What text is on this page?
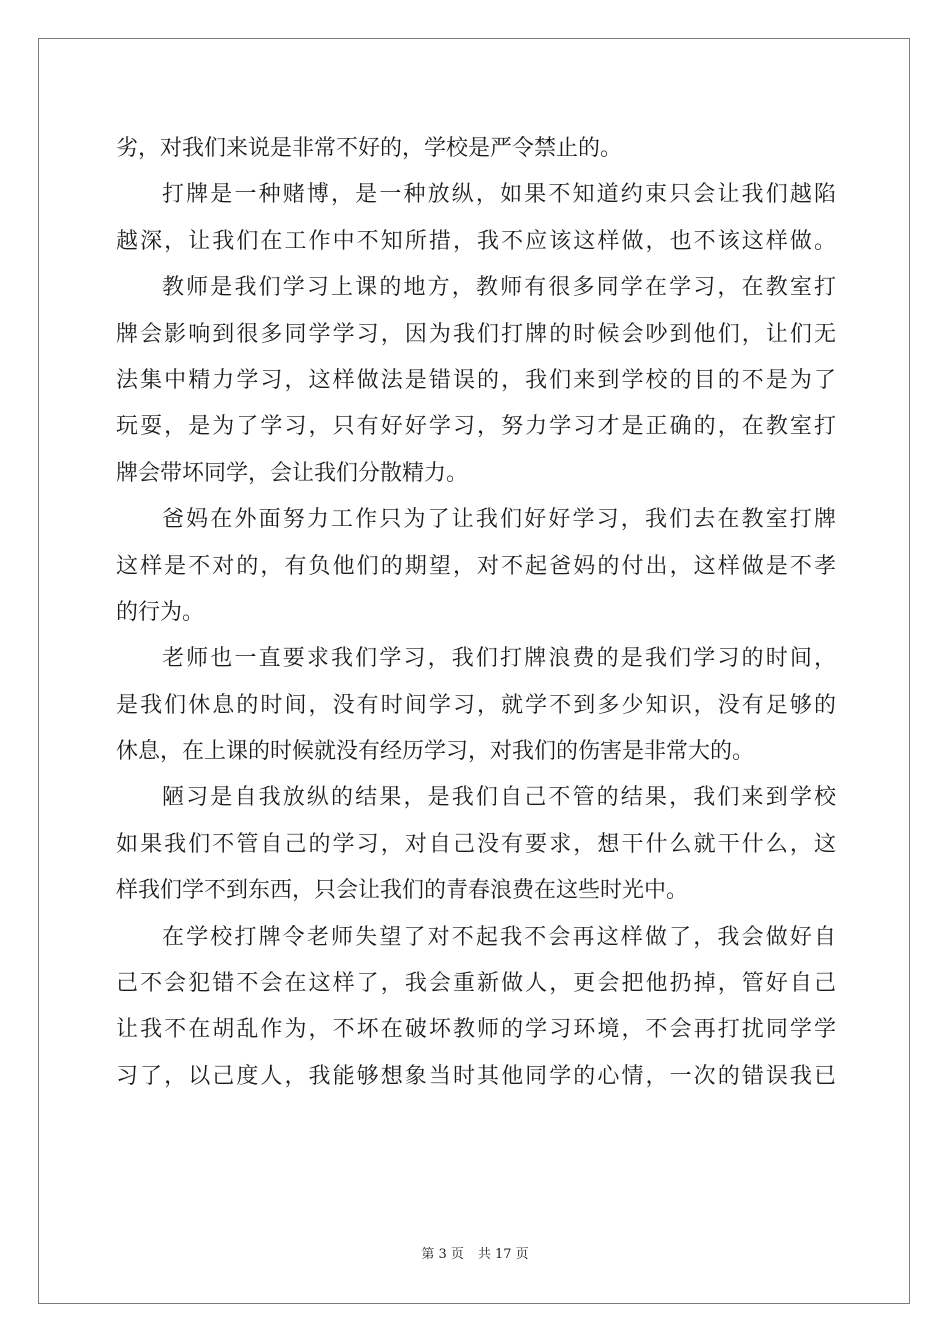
劣，对我们来说是非常不好的，学校是严令禁止的。
打牌是一种赌博，是一种放纵，如果不知道约束只会让我们越陷
越深，让我们在工作中不知所措，我不应该这样做，也不该这样做。
教师是我们学习上课的地方，教师有很多同学在学习，在教室打
牌会影响到很多同学学习，因为我们打牌的时候会吵到他们，让们无
法集中精力学习，这样做法是错误的，我们来到学校的目的不是为了
玩耍，是为了学习，只有好好学习，努力学习才是正确的，在教室打
牌会带坏同学，会让我们分散精力。
爸妈在外面努力工作只为了让我们好好学习，我们去在教室打牌
这样是不对的，有负他们的期望，对不起爸妈的付出，这样做是不孝
的行为。
老师也一直要求我们学习，我们打牌浪费的是我们学习的时间，
是我们休息的时间，没有时间学习，就学不到多少知识，没有足够的
休息，在上课的时候就没有经历学习，对我们的伤害是非常大的。
陋习是自我放纵的结果，是我们自己不管的结果，我们来到学校
如果我们不管自己的学习，对自己没有要求，想干什么就干什么，这
样我们学不到东西，只会让我们的青春浪费在这些时光中。
在学校打牌令老师失望了对不起我不会再这样做了，我会做好自
己不会犯错不会在这样了，我会重新做人，更会把他扔掉，管好自己
让我不在胡乱作为，不坏在破坏教师的学习环境，不会再打扰同学学
习了，以己度人，我能够想象当时其他同学的心情，一次的错误我已
第 3 页 共 17 页
